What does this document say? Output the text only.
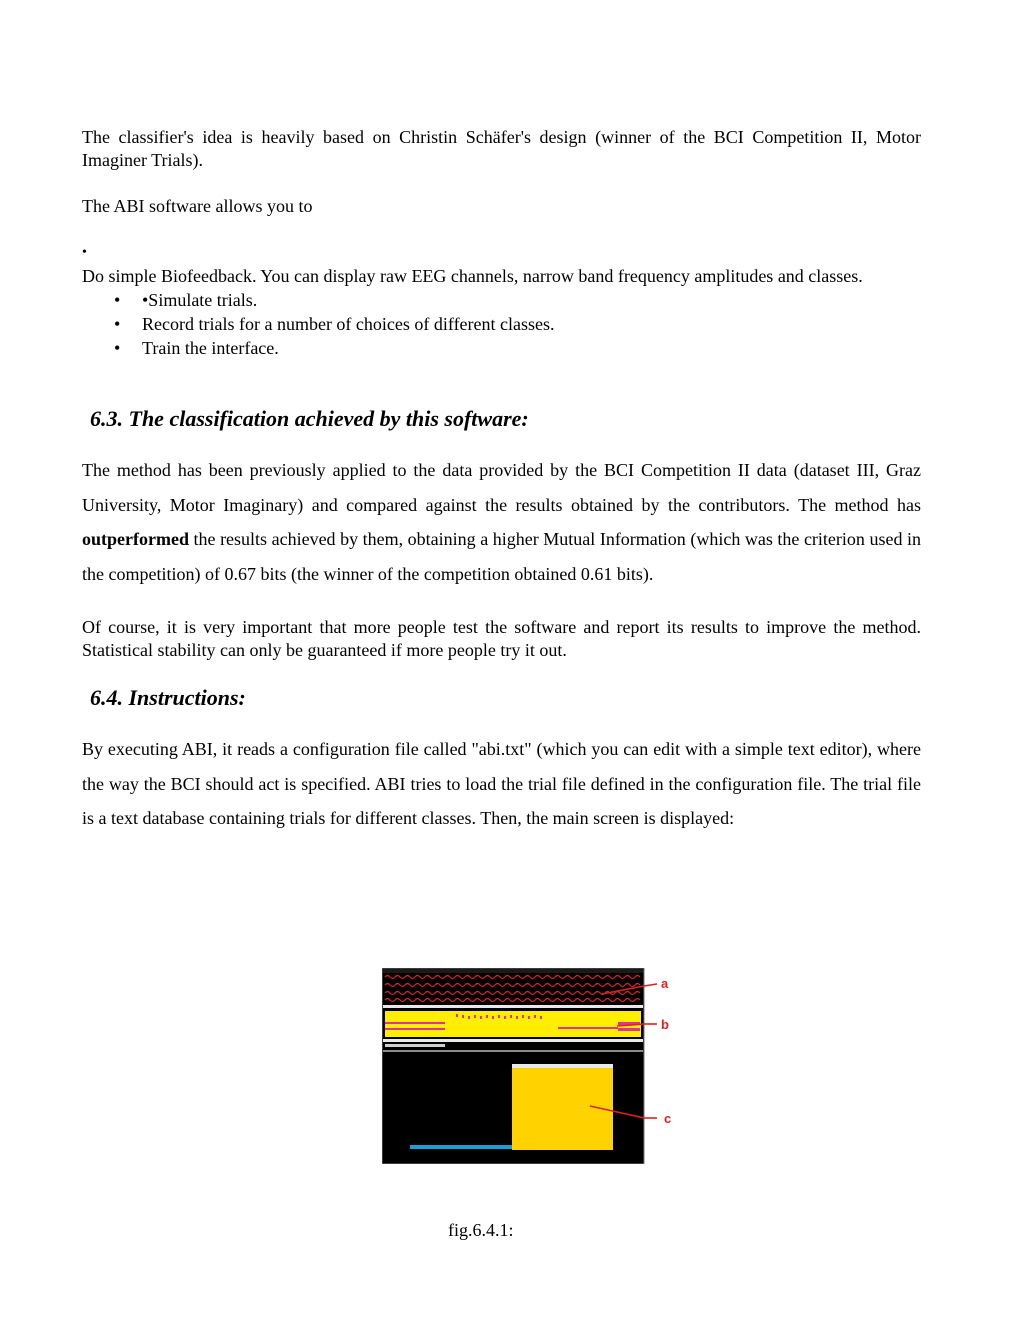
The classifier's idea is heavily based on Christin Schäfer's design (winner of the BCI Competition II, Motor Imaginer Trials).

The ABI software allows you to

•

Do simple Biofeedback. You can display raw EEG channels, narrow band frequency amplitudes and classes.

• •Simulate trials.
• Record trials for a number of choices of different classes.
• Train the interface.
6.3. The classification achieved by this software:

The method has been previously applied to the data provided by the BCI Competition II data (dataset III, Graz University, Motor Imaginary) and compared against the results obtained by the contributors. The method has outperformed the results achieved by them, obtaining a higher Mutual Information (which was the criterion used in the competition) of 0.67 bits (the winner of the competition obtained 0.61 bits).

Of course, it is very important that more people test the software and report its results to improve the method. Statistical stability can only be guaranteed if more people try it out.

6.4. Instructions:

By executing ABI, it reads a configuration file called "abi.txt" (which you can edit with a simple text editor), where the way the BCI should act is specified. ABI tries to load the trial file defined in the configuration file. The trial file is a text database containing trials for different classes. Then, the main screen is displayed:

a
b
c
fig.6.4.1:
